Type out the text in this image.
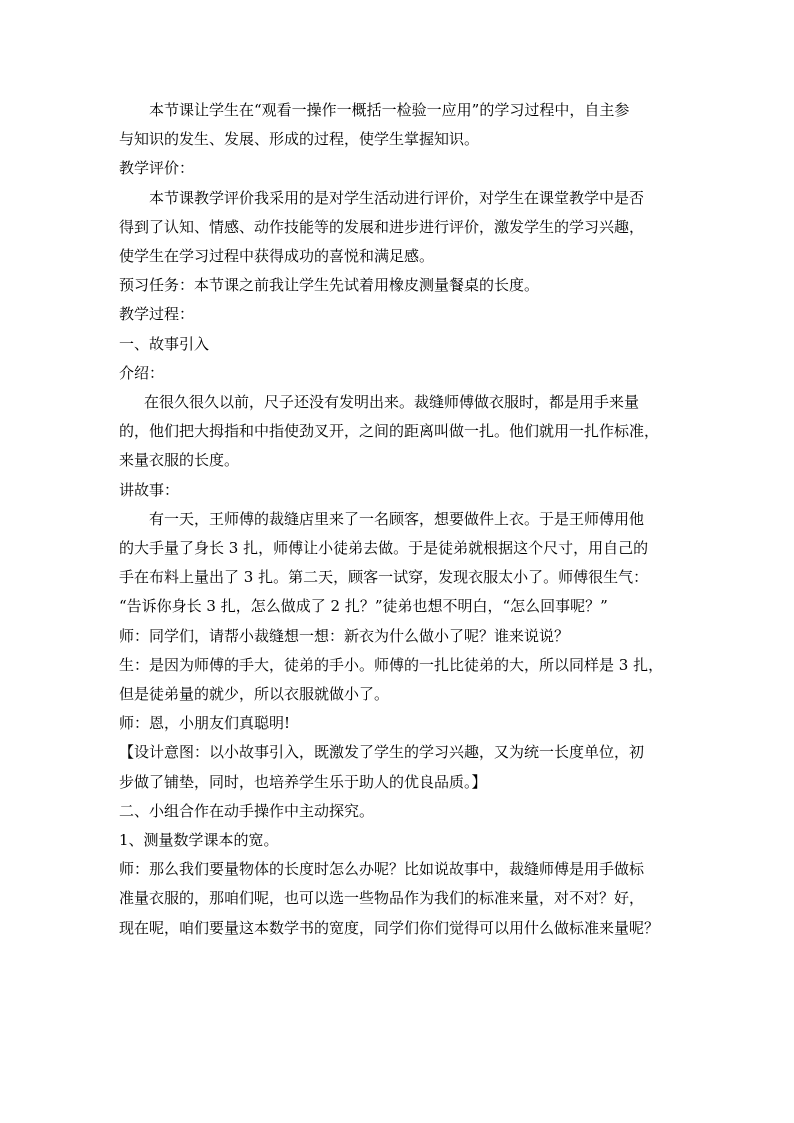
本节课让学生在“观看一操作一概括一检验一应用”的学习过程中，自主参

与知识的发生、发展、形成的过程，使学生掌握知识。

教学评价：

本节课教学评价我采用的是对学生活动进行评价，对学生在课堂教学中是否

得到了认知、情感、动作技能等的发展和进步进行评价，激发学生的学习兴趣，

使学生在学习过程中获得成功的喜悦和满足感。

预习任务：本节课之前我让学生先试着用橡皮测量餐桌的长度。

教学过程：

一、故事引入

介绍：

在很久很久以前，尺子还没有发明出来。裁缝师傅做衣服时，都是用手来量

的，他们把大拇指和中指使劲叉开，之间的距离叫做一扎。他们就用一扎作标准，

来量衣服的长度。

讲故事：

有一天，王师傅的裁缝店里来了一名顾客，想要做件上衣。于是王师傅用他

的大手量了身长 3 扎，师傅让小徒弟去做。于是徒弟就根据这个尺寸，用自己的

手在布料上量出了 3 扎。第二天，顾客一试穿，发现衣服太小了。师傅很生气：

“告诉你身长 3 扎，怎么做成了 2 扎？”徒弟也想不明白，“怎么回事呢？”

师：同学们，请帮小裁缝想一想：新衣为什么做小了呢？谁来说说？

生：是因为师傅的手大，徒弟的手小。师傅的一扎比徒弟的大，所以同样是 3 扎，

但是徒弟量的就少，所以衣服就做小了。

师：恩，小朋友们真聪明!

【设计意图：以小故事引入，既激发了学生的学习兴趣，又为统一长度单位，初

步做了铺垫，同时，也培养学生乐于助人的优良品质。】

二、小组合作在动手操作中主动探究。

1、测量数学课本的宽。

师：那么我们要量物体的长度时怎么办呢？比如说故事中，裁缝师傅是用手做标

准量衣服的，那咱们呢，也可以选一些物品作为我们的标准来量，对不对？好，

现在呢，咱们要量这本数学书的宽度，同学们你们觉得可以用什么做标准来量呢？
